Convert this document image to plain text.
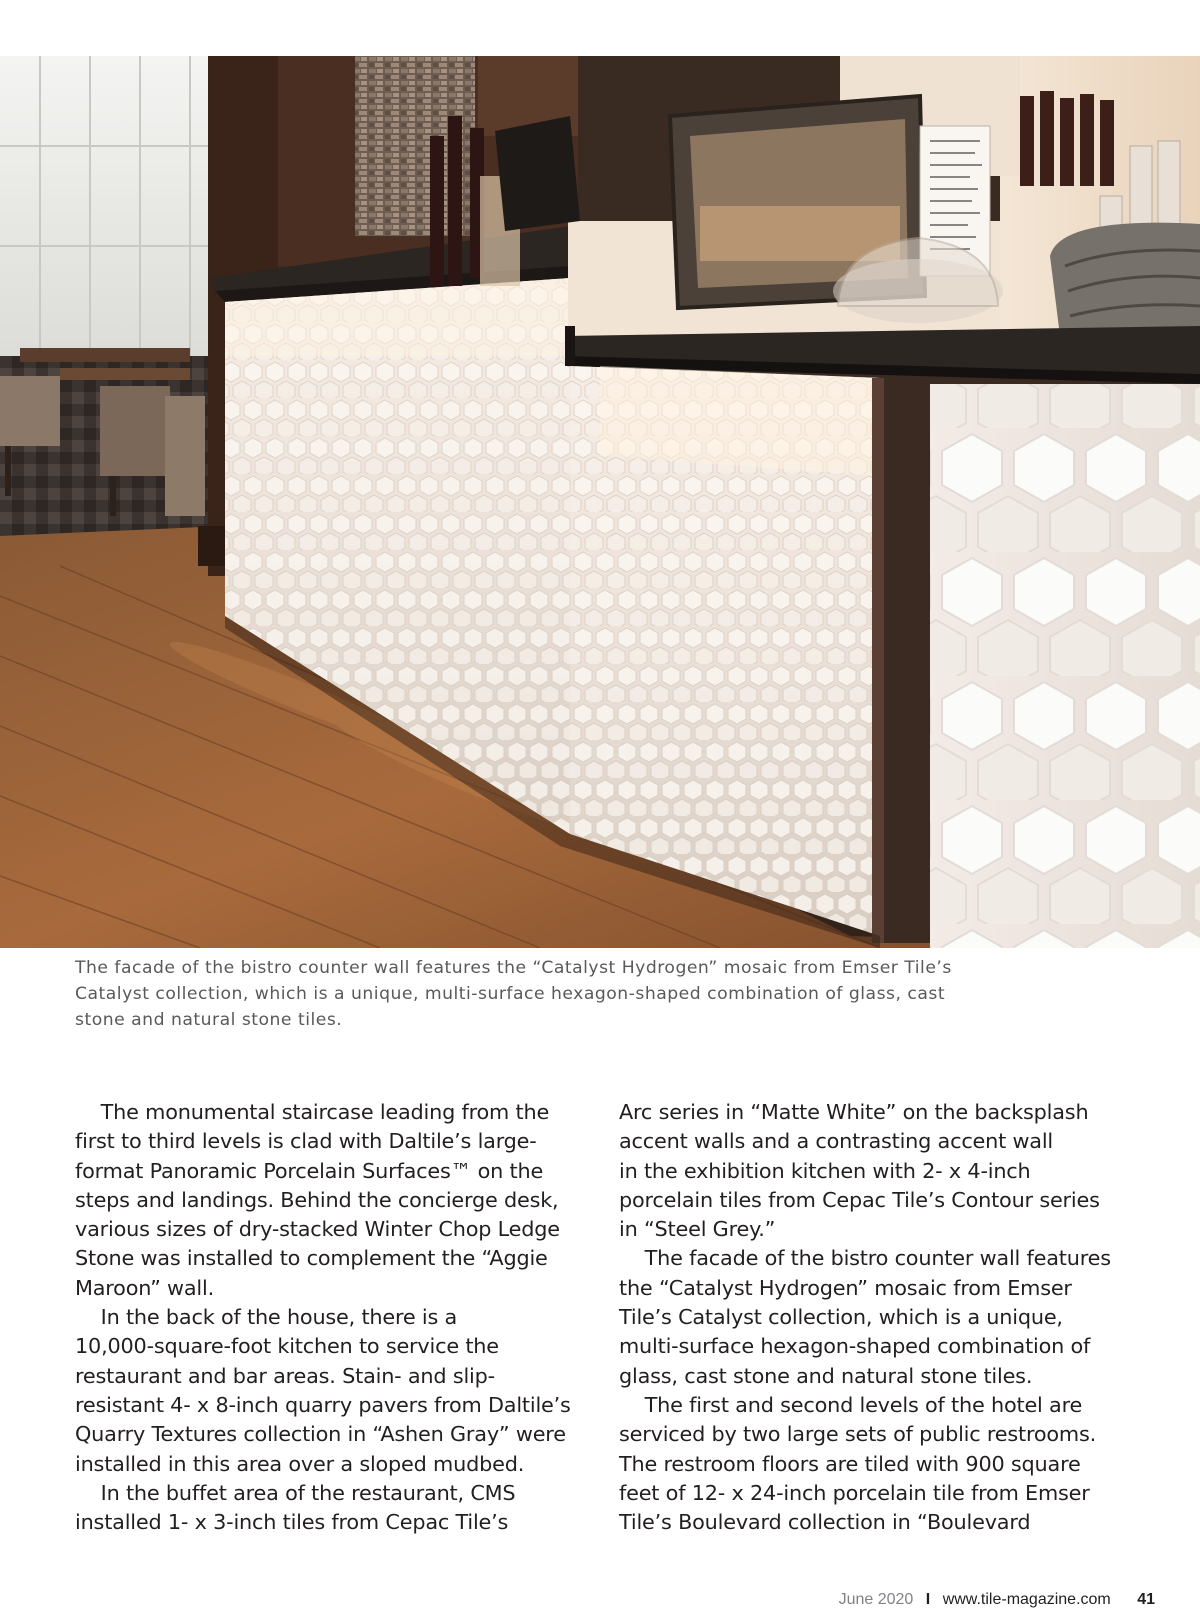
The facade of the bistro counter wall features the “Catalyst Hydrogen” mosaic from Emser Tile’s
Catalyst collection, which is a unique, multi-surface hexagon-shaped combination of glass, cast
stone and natural stone tiles.
The monumental staircase leading from the
first to third levels is clad with Daltile’s large-
format Panoramic Porcelain Surfaces™ on the
steps and landings. Behind the concierge desk,
various sizes of dry-stacked Winter Chop Ledge
Stone was installed to complement the “Aggie
Maroon” wall.
In the back of the house, there is a
10,000-square-foot kitchen to service the
restaurant and bar areas. Stain- and slip-
resistant 4- x 8-inch quarry pavers from Daltile’s
Quarry Textures collection in “Ashen Gray” were
installed in this area over a sloped mudbed.
In the buffet area of the restaurant, CMS
installed 1- x 3-inch tiles from Cepac Tile’s
Arc series in “Matte White” on the backsplash
accent walls and a contrasting accent wall
in the exhibition kitchen with 2- x 4-inch
porcelain tiles from Cepac Tile’s Contour series
in “Steel Grey.”
The facade of the bistro counter wall features
the “Catalyst Hydrogen” mosaic from Emser
Tile’s Catalyst collection, which is a unique,
multi-surface hexagon-shaped combination of
glass, cast stone and natural stone tiles.
The first and second levels of the hotel are
serviced by two large sets of public restrooms.
The restroom floors are tiled with 900 square
feet of 12- x 24-inch porcelain tile from Emser
Tile’s Boulevard collection in “Boulevard
June 2020 I www.tile-magazine.com 41
